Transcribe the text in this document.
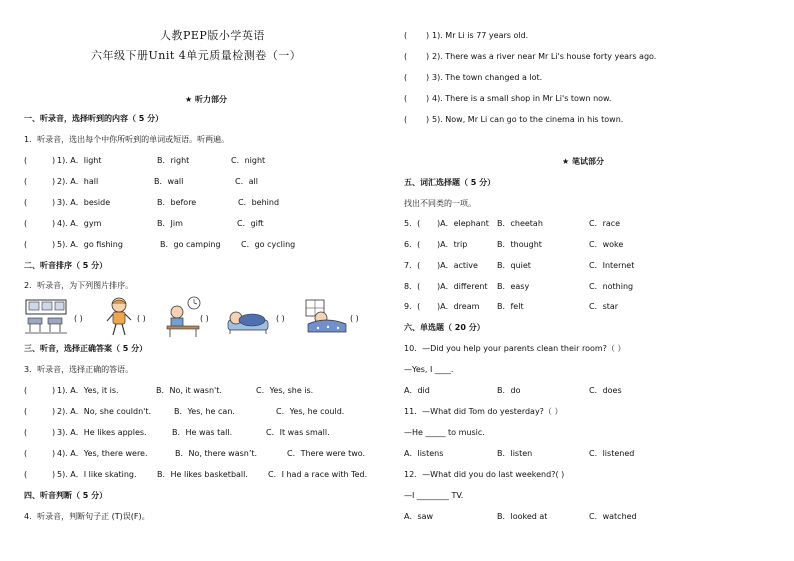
人教PEP版小学英语
六年级下册Unit 4单元质量检测卷（一）
★ 听力部分
一、听录音，选择听到的内容（ 5 分）
1．听录音，选出每个中你所听到的单词或短语。听两遍。
(	) 1). A．light	B．right	C．night
(	) 2). A．hall	B．wall	C．all
(	) 3). A．beside	B．before	C．behind
(	) 4). A．gym	B．Jim	C．gift
(	) 5). A．go fishing	B．go camping	C．go cycling
二、听音排序（ 5 分）
2．听录音，为下列图片排序。
( )	( )	( )	( )	( )
三、听音，选择正确答案（ 5 分）
3．听录音，选择正确的答语。
(	) 1). A．Yes, it is.	B．No, it wasn't.	C．Yes, she is.
(	) 2). A．No, she couldn't.	B．Yes, he can.	C．Yes, he could.
(	) 3). A．He likes apples.	B．He was tall.	C．It was small.
(	) 4). A．Yes, there were.	B．No, there wasn’t.	C．There were two.
(	) 5). A．I like skating.	B．He likes basketball.	C．I had a race with Ted.
四、听音判断（ 5 分）
4．听录音，判断句子正 (T)误(F)。
( ) 1). Mr Li is 77 years old.
( ) 2). There was a river near Mr Li's house forty years ago.
( ) 3). The town changed a lot.
( ) 4). There is a small shop in Mr Li's town now.
( ) 5). Now, Mr Li can go to the cinema in his town.
★ 笔试部分
五、词汇选择题（ 5 分）
找出不同类的一项。
5．( )A．elephant B．cheetah	C．race
6．( )A．trip	B．thought	C．woke
7．( )A．active B．quiet	C．Internet
8．( )A．different B．easy	C．nothing
9．( )A．dream B．felt	C．star
六、单选题（ 20 分）
10．—Did you help your parents clean their room?（ ）
—Yes, I ____.
A．did	B．do	C．does
11．—What did Tom do yesterday?（ ）
—He _____ to music.
A．listens	B．listen	C．listened
12．—What did you do last weekend?( )
—I ________ TV.
A．saw	B．looked at	C．watched
